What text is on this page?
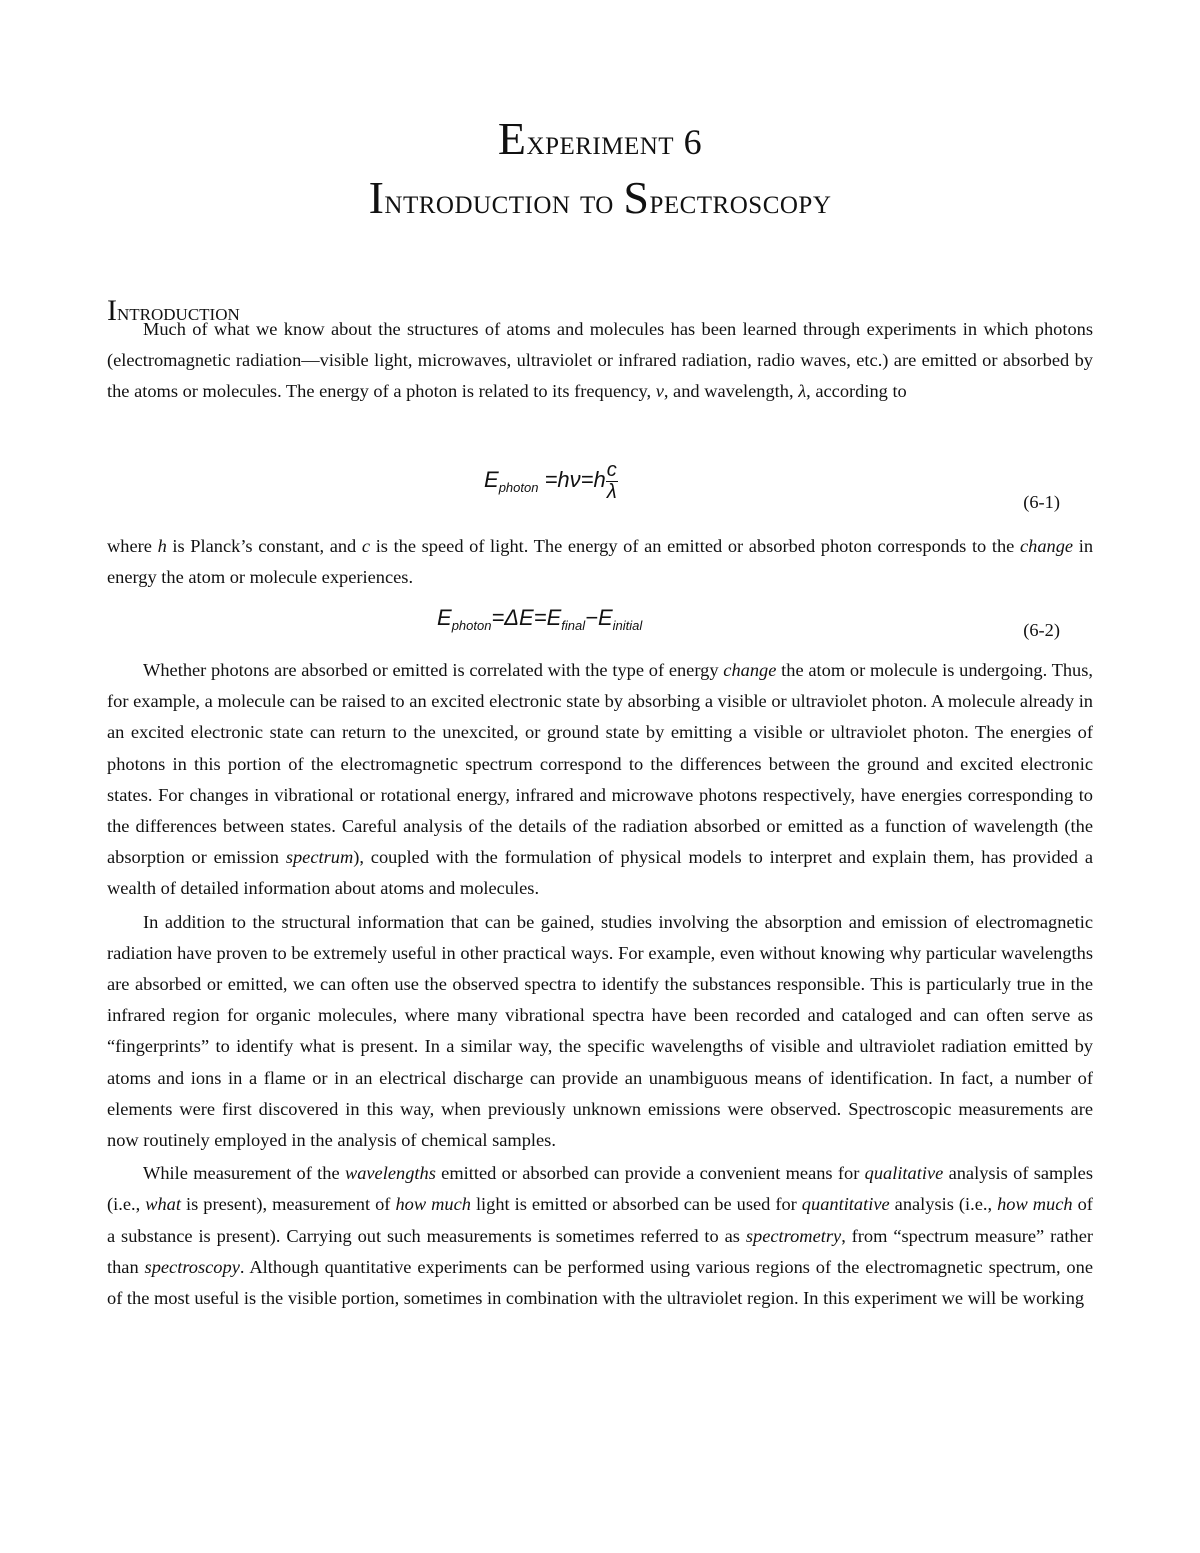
Experiment 6
Introduction to Spectroscopy
Introduction

Much of what we know about the structures of atoms and molecules has been learned through experiments in which photons (electromagnetic radiation—visible light, microwaves, ultraviolet or infrared radiation, radio waves, etc.) are emitted or absorbed by the atoms or molecules. The energy of a photon is related to its frequency, ν, and wavelength, λ, according to

$E_{photon} =h\nu=h \frac{c}{\lambda}$	(6-1)

where h is Planck’s constant, and c is the speed of light. The energy of an emitted or absorbed photon corresponds to the change in energy the atom or molecule experiences.

$E_{photon}=\Delta E=E_{final}-E_{initial}$	(6-2)

Whether photons are absorbed or emitted is correlated with the type of energy change the atom or molecule is undergoing. Thus, for example, a molecule can be raised to an excited electronic state by absorbing a visible or ultraviolet photon. A molecule already in an excited electronic state can return to the unexcited, or ground state by emitting a visible or ultraviolet photon. The energies of photons in this portion of the electromagnetic spectrum correspond to the differences between the ground and excited electronic states. For changes in vibrational or rotational energy, infrared and microwave photons respectively, have energies corresponding to the differences between states. Careful analysis of the details of the radiation absorbed or emitted as a function of wavelength (the absorption or emission spectrum), coupled with the formulation of physical models to interpret and explain them, has provided a wealth of detailed information about atoms and molecules.

In addition to the structural information that can be gained, studies involving the absorption and emission of electromagnetic radiation have proven to be extremely useful in other practical ways. For example, even without knowing why particular wavelengths are absorbed or emitted, we can often use the observed spectra to identify the substances responsible. This is particularly true in the infrared region for organic molecules, where many vibrational spectra have been recorded and cataloged and can often serve as “fingerprints” to identify what is present. In a similar way, the specific wavelengths of visible and ultraviolet radiation emitted by atoms and ions in a flame or in an electrical discharge can provide an unambiguous means of identification. In fact, a number of elements were first discovered in this way, when previously unknown emissions were observed. Spectroscopic measurements are now routinely employed in the analysis of chemical samples.

While measurement of the wavelengths emitted or absorbed can provide a convenient means for qualitative analysis of samples (i.e., what is present), measurement of how much light is emitted or absorbed can be used for quantitative analysis (i.e., how much of a substance is present). Carrying out such measurements is sometimes referred to as spectrometry, from “spectrum measure” rather than spectroscopy. Although quantitative experiments can be performed using various regions of the electromagnetic spectrum, one of the most useful is the visible portion, sometimes in combination with the ultraviolet region. In this experiment we will be working
